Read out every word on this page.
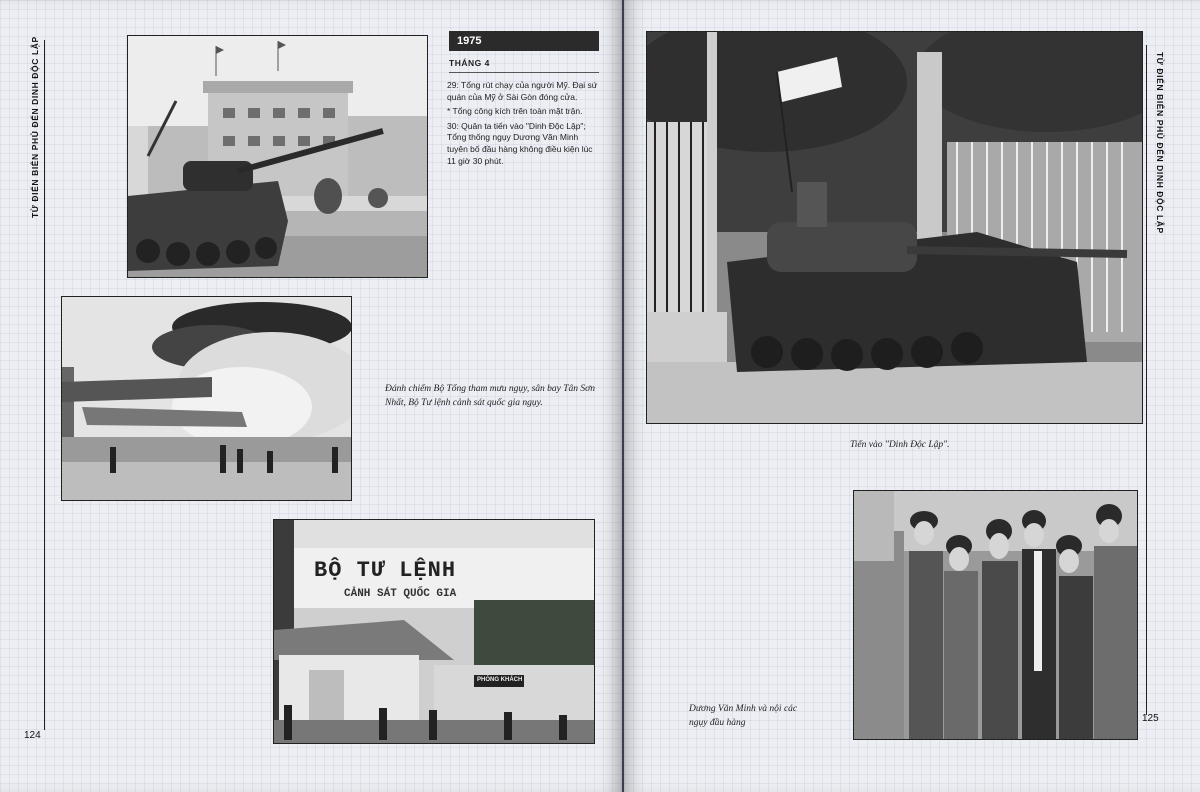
TỪ ĐIỂN BIÊN PHỦ ĐẾN DINH ĐỘC LẬP
124
1975
THÁNG 4
29: Tổng rút chạy của người Mỹ. Đại sứ quán của Mỹ ở Sài Gòn đóng cửa.
* Tổng công kích trên toàn mặt trận.
30: Quân ta tiến vào "Dinh Độc Lập"; Tổng thống ngụy Dương Văn Minh tuyên bố đầu hàng không điều kiện lúc 11 giờ 30 phút.
Đánh chiếm Bộ Tổng tham mưu ngụy, sân bay Tân Sơn Nhất, Bộ Tư lệnh cảnh sát quốc gia ngụy.
BỘ TƯ LỆNH
CẢNH SÁT QUỐC GIA
PHÒNG KHÁCH
TỪ ĐIỂN BIÊN PHỦ ĐẾN DINH ĐỘC LẬP
125
Tiến vào "Dinh Độc Lập".
Dương Văn Minh và nội các ngụy đầu hàng
